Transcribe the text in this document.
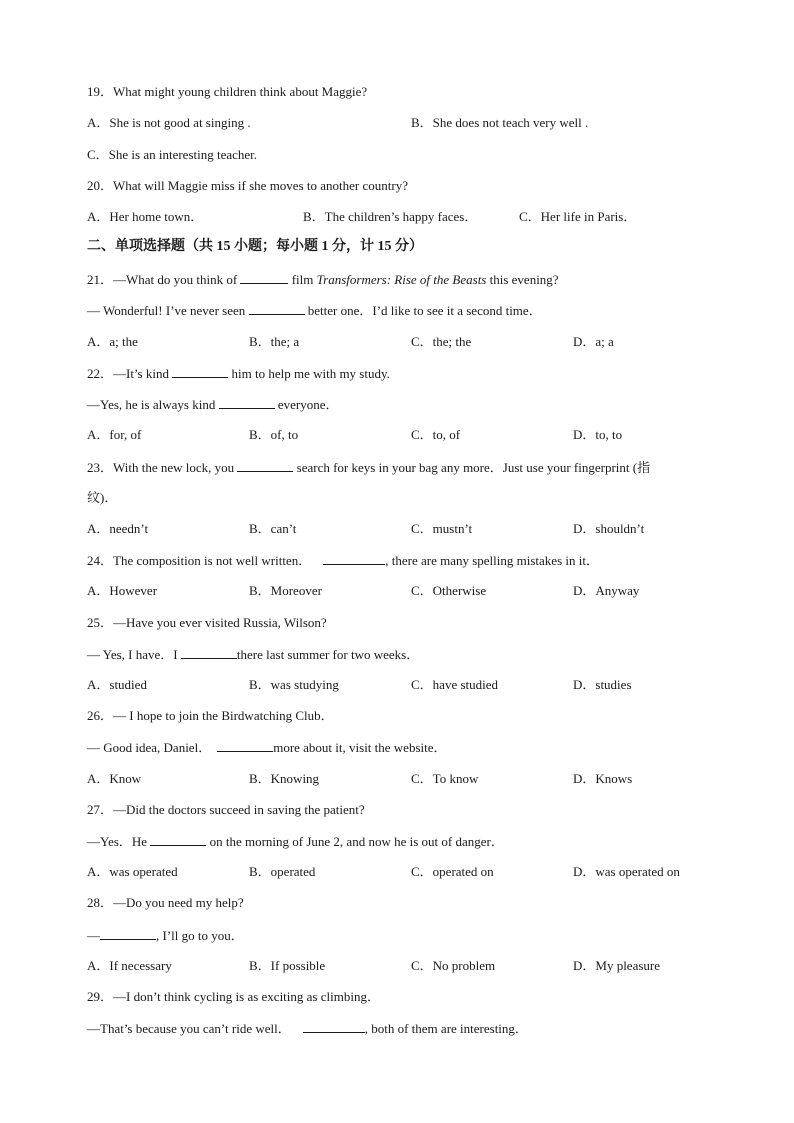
19．What might young children think about Maggie?
A．She is not good at singing .	B．She does not teach very well .
C．She is an interesting teacher.
20．What will Maggie miss if she moves to another country?
A．Her home town．	B．The children’s happy faces．	C．Her life in Paris．
二、单项选择题（共 15 小题；每小题 1 分，计 15 分）
21．—What do you think of	film Transformers: Rise of the Beasts this evening?
— Wonderful! I’ve never seen	better one．I’d like to see it a second time．
A．a; the	B．the; a	C．the; the	D．a; a
22．—It’s kind	him to help me with my study.
—Yes, he is always kind	everyone．
A．for, of	B．of, to	C．to, of	D．to, to
23．With the new lock, you	search for keys in your bag any more．Just use your fingerprint (指
纹)．
A．needn’t	B．can’t	C．mustn’t	D．shouldn’t
24．The composition is not well written．	, there are many spelling mistakes in it．
A．However	B．Moreover	C．Otherwise	D．Anyway
25．—Have you ever visited Russia, Wilson?
— Yes, I have．I	there last summer for two weeks．
A．studied	B．was studying	C．have studied	D．studies
26．— I hope to join the Birdwatching Club．
— Good idea, Daniel．	more about it, visit the website．
A．Know	B．Knowing	C．To know	D．Knows
27．—Did the doctors succeed in saving the patient?
—Yes．He	on the morning of June 2, and now he is out of danger．
A．was operated	B．operated	C．operated on	D．was operated on
28．—Do you need my help?
—	, I’ll go to you．
A．If necessary	B．If possible	C．No problem	D．My pleasure
29．—I don’t think cycling is as exciting as climbing．
—That’s because you can’t ride well．	, both of them are interesting．
